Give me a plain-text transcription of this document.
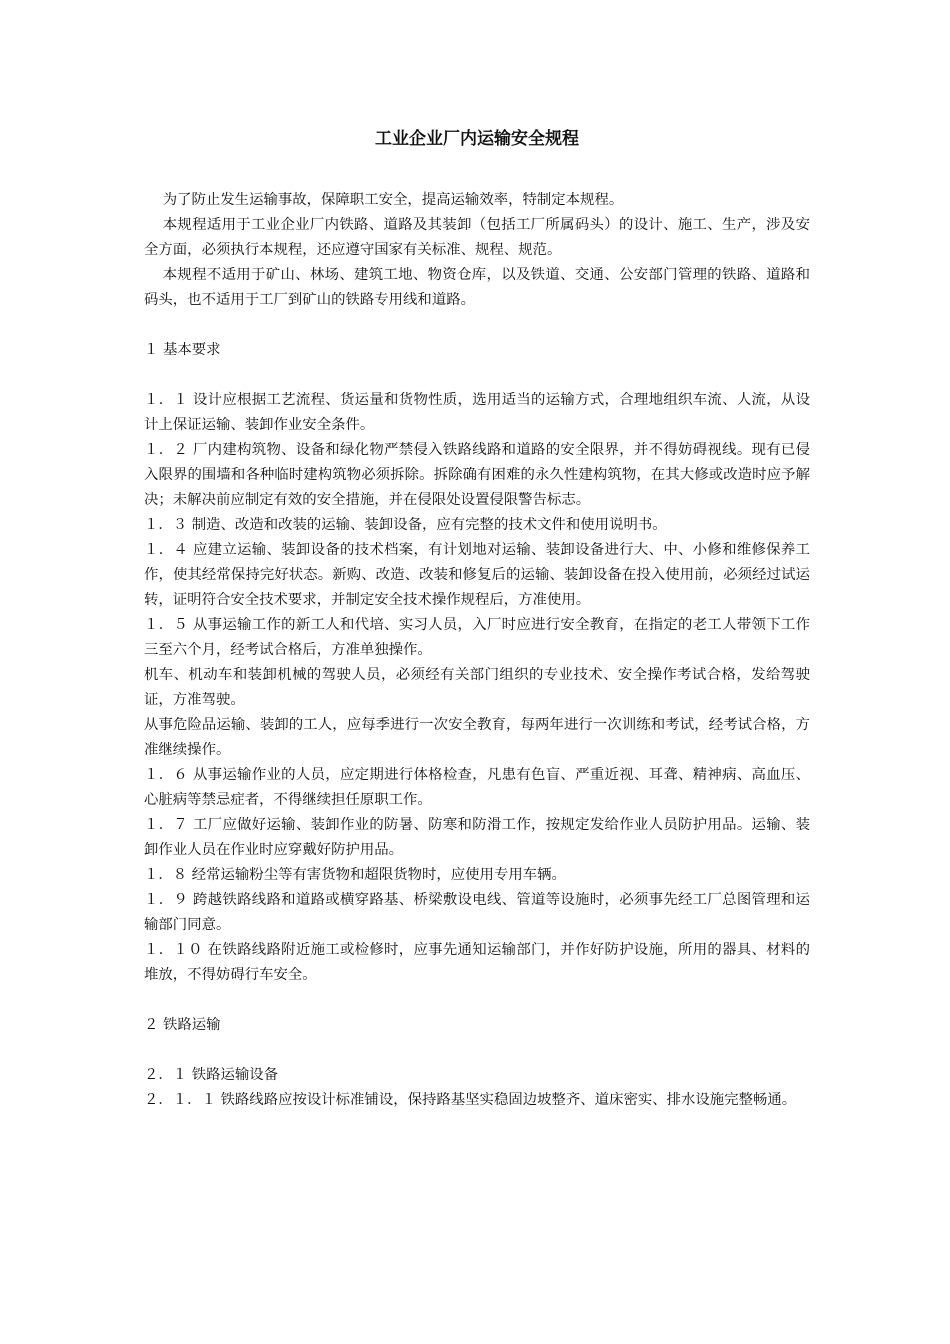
工业企业厂内运输安全规程

为了防止发生运输事故，保障职工安全，提高运输效率，特制定本规程。

本规程适用于工业企业厂内铁路、道路及其装卸（包括工厂所属码头）的设计、施工、生产，涉及安全方面，必须执行本规程，还应遵守国家有关标准、规程、规范。

本规程不适用于矿山、林场、建筑工地、物资仓库，以及铁道、交通、公安部门管理的铁路、道路和码头，也不适用于工厂到矿山的铁路专用线和道路。

１ 基本要求

１．１ 设计应根据工艺流程、货运量和货物性质，选用适当的运输方式，合理地组织车流、人流，从设计上保证运输、装卸作业安全条件。

１．２ 厂内建构筑物、设备和绿化物严禁侵入铁路线路和道路的安全限界，并不得妨碍视线。现有已侵入限界的围墙和各种临时建构筑物必须拆除。拆除确有困难的永久性建构筑物，在其大修或改造时应予解决；未解决前应制定有效的安全措施，并在侵限处设置侵限警告标志。

１．３ 制造、改造和改装的运输、装卸设备，应有完整的技术文件和使用说明书。

１．４ 应建立运输、装卸设备的技术档案，有计划地对运输、装卸设备进行大、中、小修和维修保养工作，使其经常保持完好状态。新购、改造、改装和修复后的运输、装卸设备在投入使用前，必须经过试运转，证明符合安全技术要求，并制定安全技术操作规程后，方准使用。

１．５ 从事运输工作的新工人和代培、实习人员，入厂时应进行安全教育，在指定的老工人带领下工作三至六个月，经考试合格后，方准单独操作。

机车、机动车和装卸机械的驾驶人员，必须经有关部门组织的专业技术、安全操作考试合格，发给驾驶证，方准驾驶。

从事危险品运输、装卸的工人，应每季进行一次安全教育，每两年进行一次训练和考试，经考试合格，方准继续操作。

１．６ 从事运输作业的人员，应定期进行体格检查，凡患有色盲、严重近视、耳聋、精神病、高血压、心脏病等禁忌症者，不得继续担任原职工作。

１．７ 工厂应做好运输、装卸作业的防暑、防寒和防滑工作，按规定发给作业人员防护用品。运输、装卸作业人员在作业时应穿戴好防护用品。

１．８ 经常运输粉尘等有害货物和超限货物时，应使用专用车辆。

１．９ 跨越铁路线路和道路或横穿路基、桥梁敷设电线、管道等设施时，必须事先经工厂总图管理和运输部门同意。

１．１０ 在铁路线路附近施工或检修时，应事先通知运输部门，并作好防护设施，所用的器具、材料的堆放，不得妨碍行车安全。

２ 铁路运输

２．１ 铁路运输设备

２．１．１ 铁路线路应按设计标准铺设，保持路基坚实稳固边坡整齐、道床密实、排水设施完整畅通。
